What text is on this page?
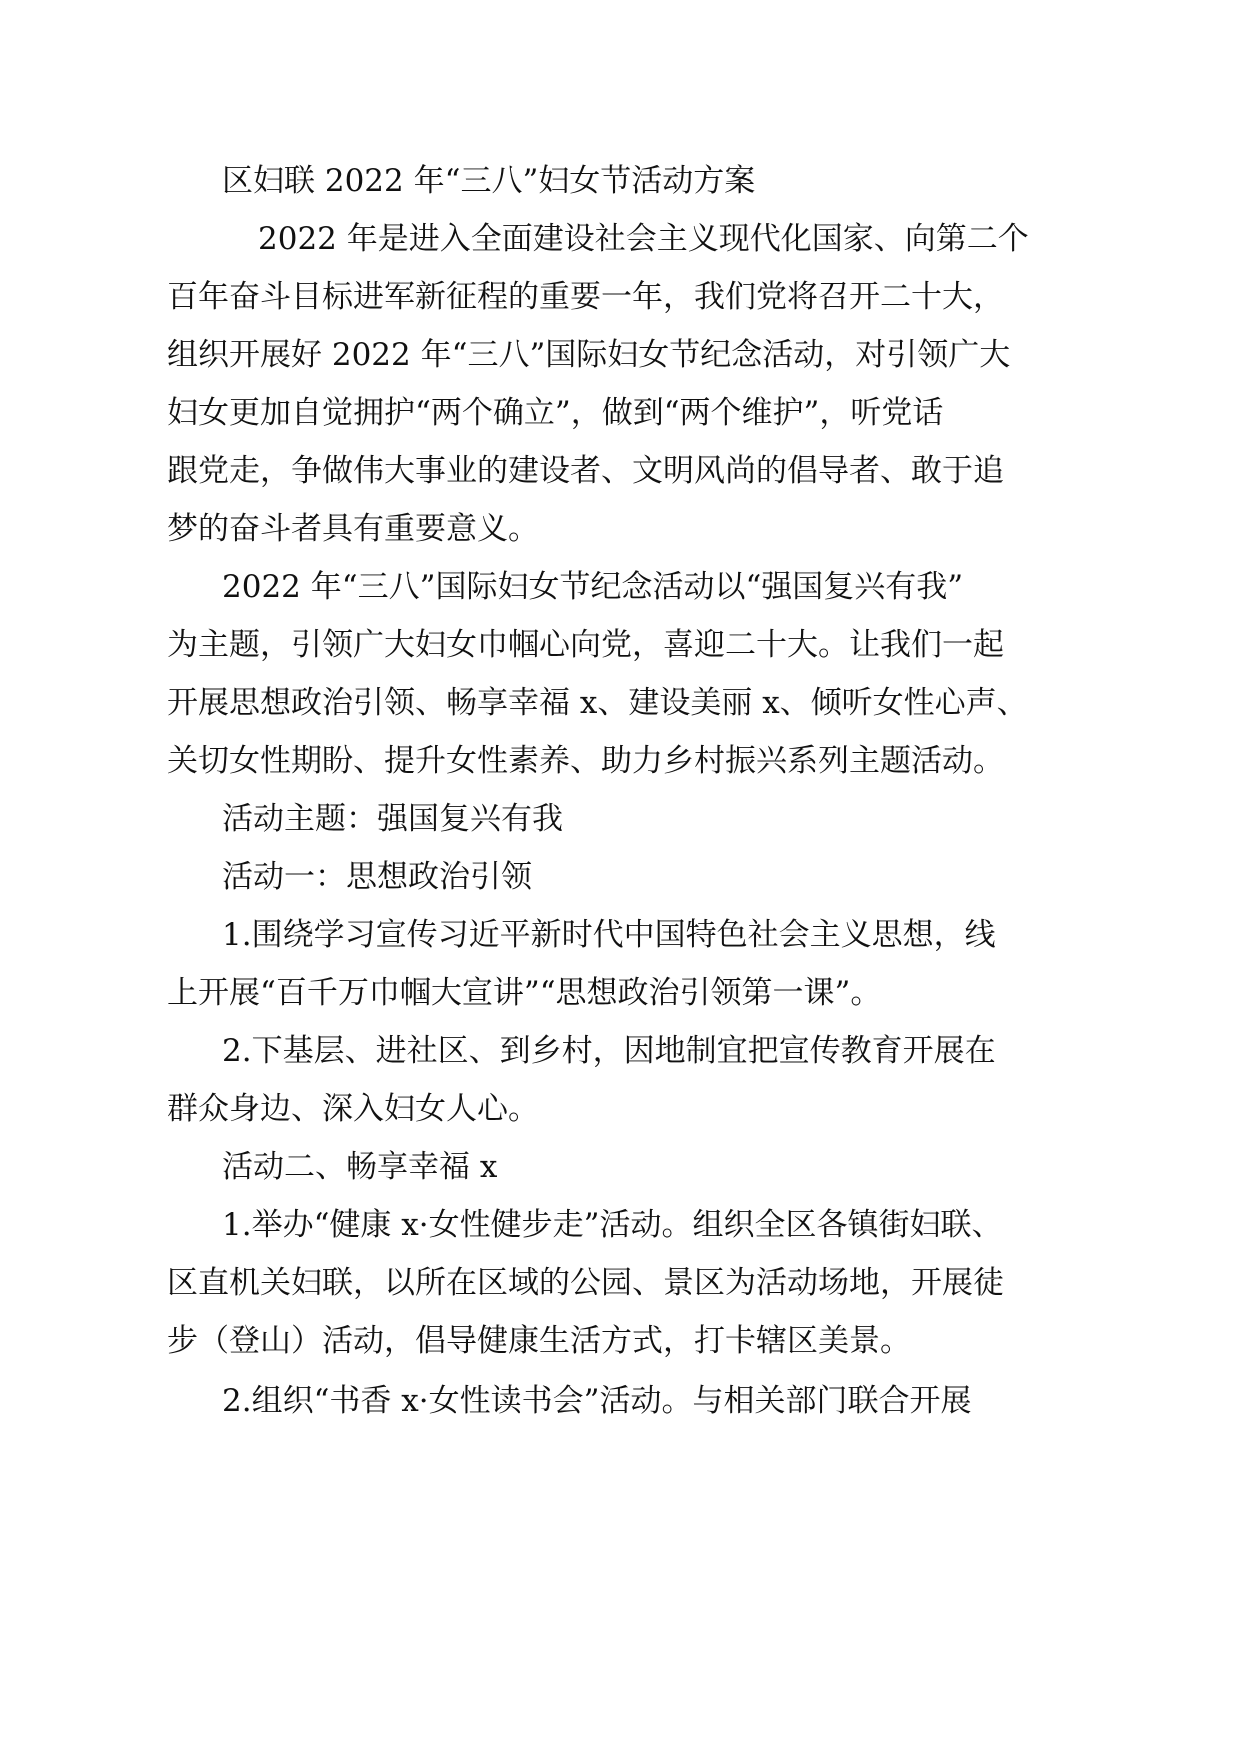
区妇联 2022 年“三八”妇女节活动方案
2022 年是进入全面建设社会主义现代化国家、向第二个
百年奋斗目标进军新征程的重要一年，我们党将召开二十大，
组织开展好 2022 年“三八”国际妇女节纪念活动，对引领广大
妇女更加自觉拥护“两个确立”，做到“两个维护”，听党话
跟党走，争做伟大事业的建设者、文明风尚的倡导者、敢于追
梦的奋斗者具有重要意义。
2022 年“三八”国际妇女节纪念活动以“强国复兴有我”
为主题，引领广大妇女巾帼心向党，喜迎二十大。让我们一起
开展思想政治引领、畅享幸福 x、建设美丽 x、倾听女性心声、
关切女性期盼、提升女性素养、助力乡村振兴系列主题活动。
活动主题：强国复兴有我
活动一：思想政治引领
1.围绕学习宣传习近平新时代中国特色社会主义思想，线
上开展“百千万巾帼大宣讲”“思想政治引领第一课”。
2.下基层、进社区、到乡村，因地制宜把宣传教育开展在
群众身边、深入妇女人心。
活动二、畅享幸福 x
1.举办“健康 x·女性健步走”活动。组织全区各镇街妇联、
区直机关妇联，以所在区域的公园、景区为活动场地，开展徒
步（登山）活动，倡导健康生活方式，打卡辖区美景。
2.组织“书香 x·女性读书会”活动。与相关部门联合开展
